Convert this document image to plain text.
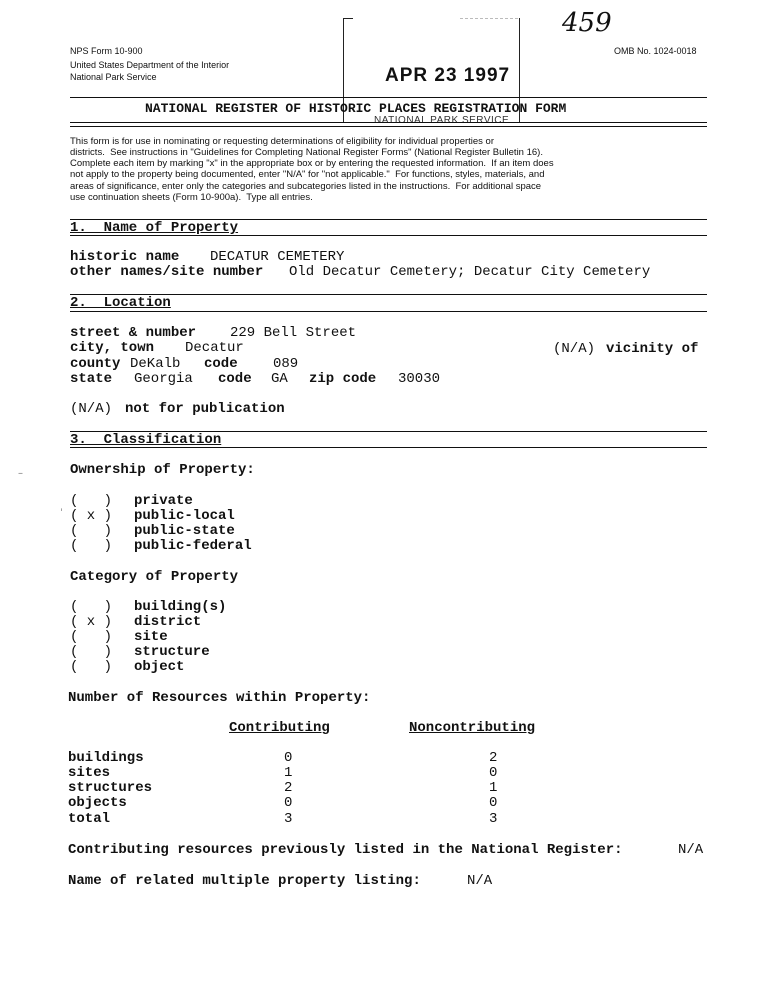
NPS Form 10-900
United States Department of the Interior
National Park Service
OMB No. 1024-0018
459
APR 23 1997
NATIONAL PARK SERVICE
NATIONAL REGISTER OF HISTORIC PLACES REGISTRATION FORM
This form is for use in nominating or requesting determinations of eligibility for individual properties or
districts.  See instructions in "Guidelines for Completing National Register Forms" (National Register Bulletin 16).
Complete each item by marking "x" in the appropriate box or by entering the requested information.  If an item does
not apply to the property being documented, enter "N/A" for "not applicable."  For functions, styles, materials, and
areas of significance, enter only the categories and subcategories listed in the instructions.  For additional space
use continuation sheets (Form 10-900a).  Type all entries.
1.  Name of Property
historic name DECATUR CEMETERY
other names/site number Old Decatur Cemetery; Decatur City Cemetery
2.  Location
street & number 229 Bell Street
city, town Decatur	(N/A) vicinity of
county DeKalb code	089
state Georgia code GA zip code 30030
(N/A) not for publication
3.  Classification
Ownership of Property:
–
ˈ
(   ) private
( x ) public-local
(   ) public-state
(   ) public-federal
Category of Property
(   ) building(s)
( x ) district
(   ) site
(   ) structure
(   ) object
Number of Resources within Property:
Contributing	Noncontributing
buildings	0	2
sites	1	0
structures	2	1
objects	0	0
total	3	3
Contributing resources previously listed in the National Register:	N/A
Name of related multiple property listing:	N/A
